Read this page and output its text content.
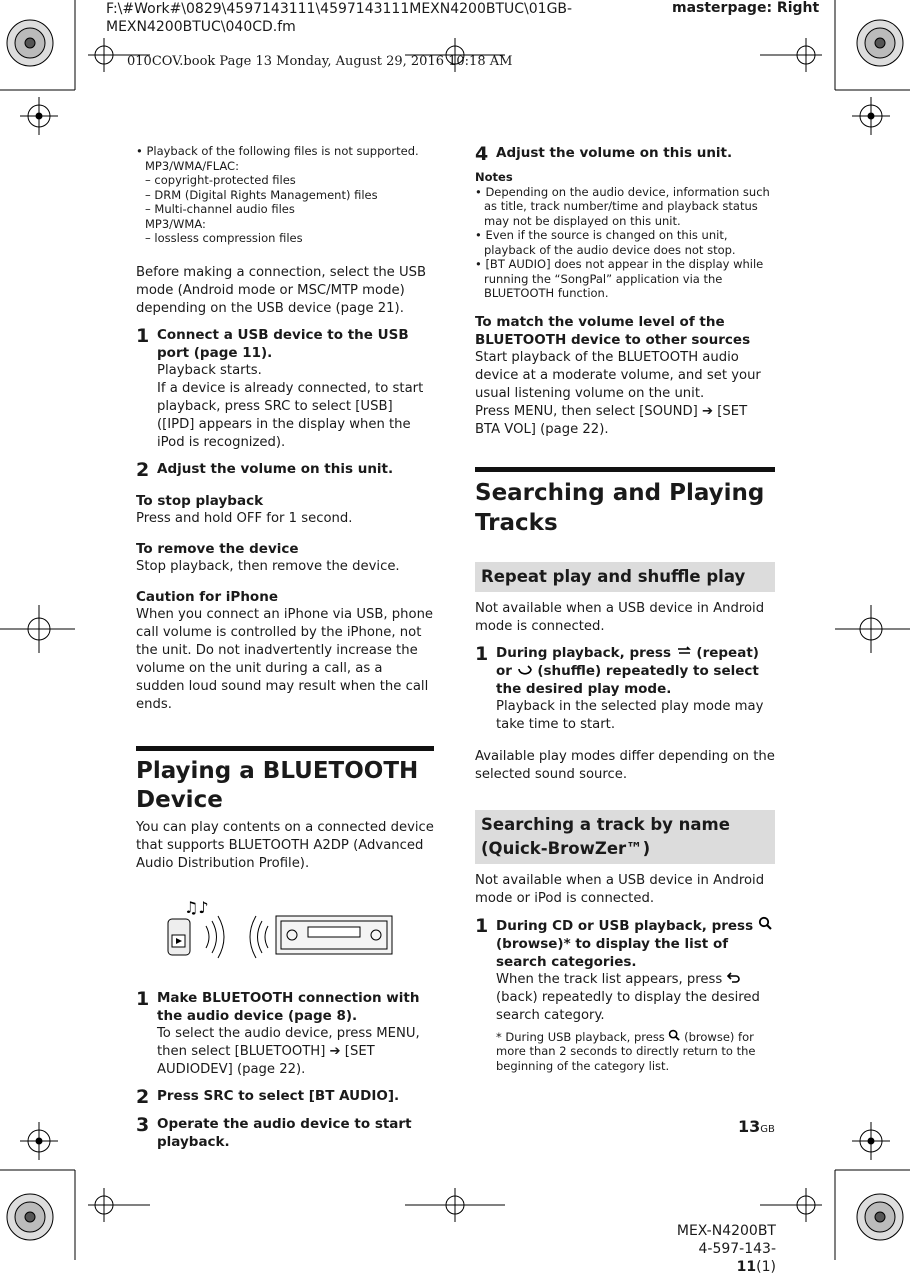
F:\#Work#\0829\4597143111\4597143111MEXN4200BTUC\01GB-
MEXN4200BTUC\040CD.fm
masterpage: Right
010COV.book Page 13 Monday, August 29, 2016 10:18 AM

• Playback of the following files is not supported.

MP3/WMA/FLAC:

– copyright-protected files

– DRM (Digital Rights Management) files

– Multi-channel audio files

MP3/WMA:

– lossless compression files

Before making a connection, select the USB mode (Android mode or MSC/MTP mode) depending on the USB device (page 21).

1 Connect a USB device to the USB port (page 11).
Playback starts.
If a device is already connected, to start playback, press SRC to select [USB] ([IPD] appears in the display when the iPod is recognized).
2 Adjust the volume on this unit.
To stop playback

Press and hold OFF for 1 second.

To remove the device

Stop playback, then remove the device.

Caution for iPhone

When you connect an iPhone via USB, phone call volume is controlled by the iPhone, not the unit. Do not inadvertently increase the volume on the unit during a call, as a sudden loud sound may result when the call ends.

Playing a BLUETOOTH Device

You can play contents on a connected device that supports BLUETOOTH A2DP (Advanced Audio Distribution Profile).

♫♪
1 Make BLUETOOTH connection with the audio device (page 8).
To select the audio device, press MENU, then select [BLUETOOTH] ➔ [SET AUDIODEV] (page 22).
2 Press SRC to select [BT AUDIO].
3 Operate the audio device to start playback.
4 Adjust the volume on this unit.
Notes

• Depending on the audio device, information such as title, track number/time and playback status may not be displayed on this unit.

• Even if the source is changed on this unit, playback of the audio device does not stop.

• [BT AUDIO] does not appear in the display while running the “SongPal” application via the BLUETOOTH function.

To match the volume level of the BLUETOOTH device to other sources

Start playback of the BLUETOOTH audio device at a moderate volume, and set your usual listening volume on the unit.

Press MENU, then select [SOUND] ➔ [SET BTA VOL] (page 22).

Searching and Playing Tracks
Repeat play and shuffle play

Not available when a USB device in Android mode is connected.

1 During playback, press (repeat) or (shuffle) repeatedly to select the desired play mode.
Playback in the selected play mode may take time to start.

Available play modes differ depending on the selected sound source.

Searching a track by name (Quick-BrowZer™)

Not available when a USB device in Android mode or iPod is connected.

1 During CD or USB playback, press  (browse)* to display the list of search categories.
When the track list appears, press  (back) repeatedly to display the desired search category.
* During USB playback, press (browse) for more than 2 seconds to directly return to the beginning of the category list.
13GB
MEX-N4200BT
4-597-143-11(1)
